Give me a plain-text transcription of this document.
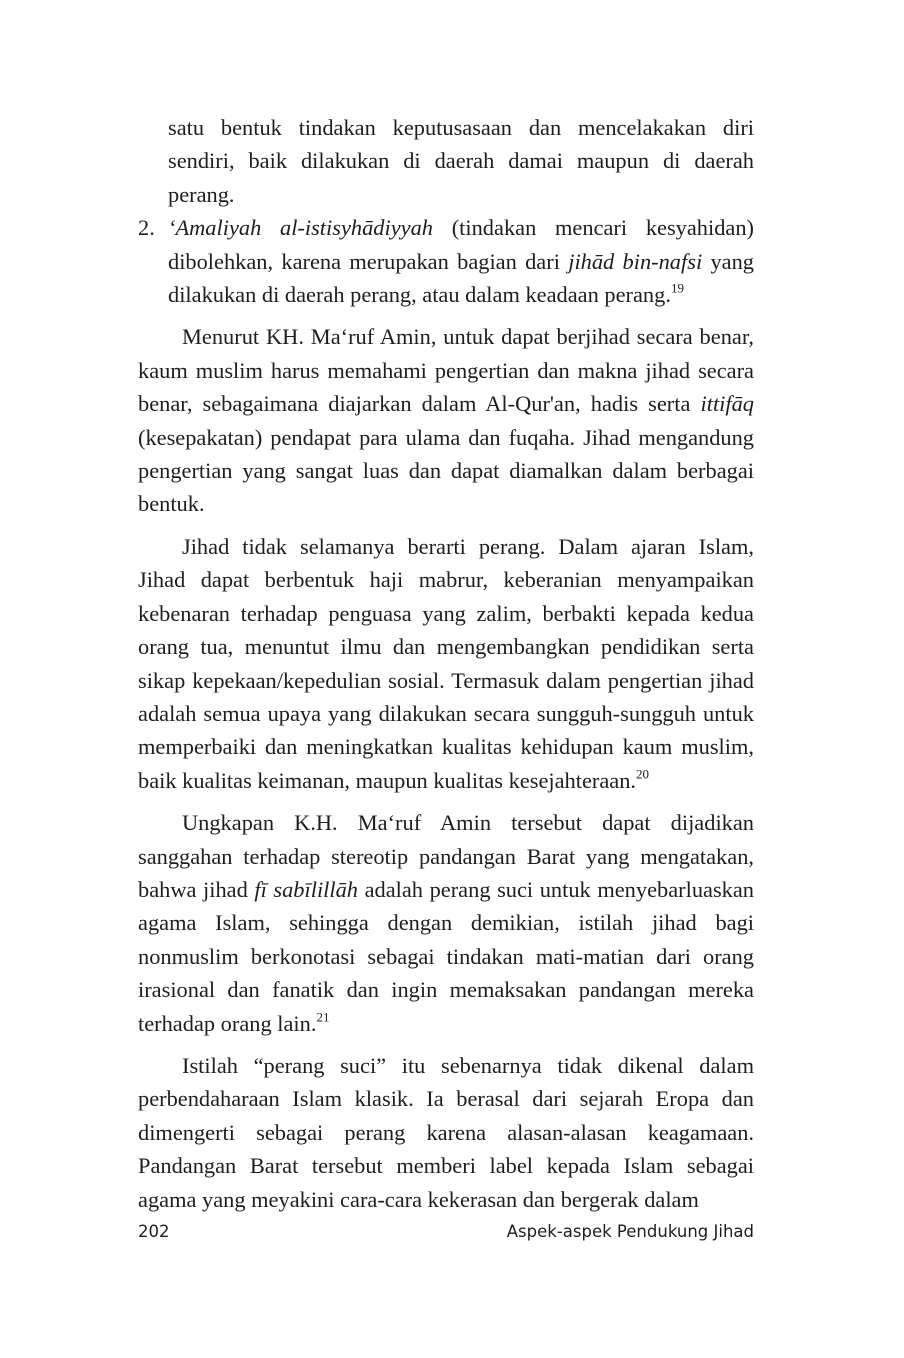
satu bentuk tindakan keputusasaan dan mencelakakan diri sendiri, baik dilakukan di daerah damai maupun di daerah perang.

2. ‘Amaliyah al-istisyhādiyyah (tindakan mencari kesyahidan) dibolehkan, karena merupakan bagian dari jihād bin-nafsi yang dilakukan di daerah perang, atau dalam keadaan perang.$^{19}$

Menurut KH. Ma‘ruf Amin, untuk dapat berjihad secara benar, kaum muslim harus memahami pengertian dan makna jihad secara benar, sebagaimana diajarkan dalam Al-Qur'an, hadis serta ittifāq (kesepakatan) pendapat para ulama dan fuqaha. Jihad mengandung pengertian yang sangat luas dan dapat diamalkan dalam berbagai bentuk.

Jihad tidak selamanya berarti perang. Dalam ajaran Islam, Jihad dapat berbentuk haji mabrur, keberanian menyampaikan kebenaran terhadap penguasa yang zalim, berbakti kepada kedua orang tua, menuntut ilmu dan mengembangkan pendidikan serta sikap kepekaan/kepedulian sosial. Termasuk dalam pengertian jihad adalah semua upaya yang dilakukan secara sungguh-sungguh untuk memperbaiki dan meningkatkan kualitas kehidupan kaum muslim, baik kualitas keimanan, maupun kualitas kesejahteraan.$^{20}$

Ungkapan K.H. Ma‘ruf Amin tersebut dapat dijadikan sanggahan terhadap stereotip pandangan Barat yang mengatakan, bahwa jihad fī sabīlillāh adalah perang suci untuk menyebarluaskan agama Islam, sehingga dengan demikian, istilah jihad bagi nonmuslim berkonotasi sebagai tindakan mati-matian dari orang irasional dan fanatik dan ingin memaksakan pandangan mereka terhadap orang lain.$^{21}$

Istilah “perang suci” itu sebenarnya tidak dikenal dalam perbendaharaan Islam klasik. Ia berasal dari sejarah Eropa dan dimengerti sebagai perang karena alasan-alasan keagamaan. Pandangan Barat tersebut memberi label kepada Islam sebagai agama yang meyakini cara-cara kekerasan dan bergerak dalam

202	Aspek-aspek Pendukung Jihad
